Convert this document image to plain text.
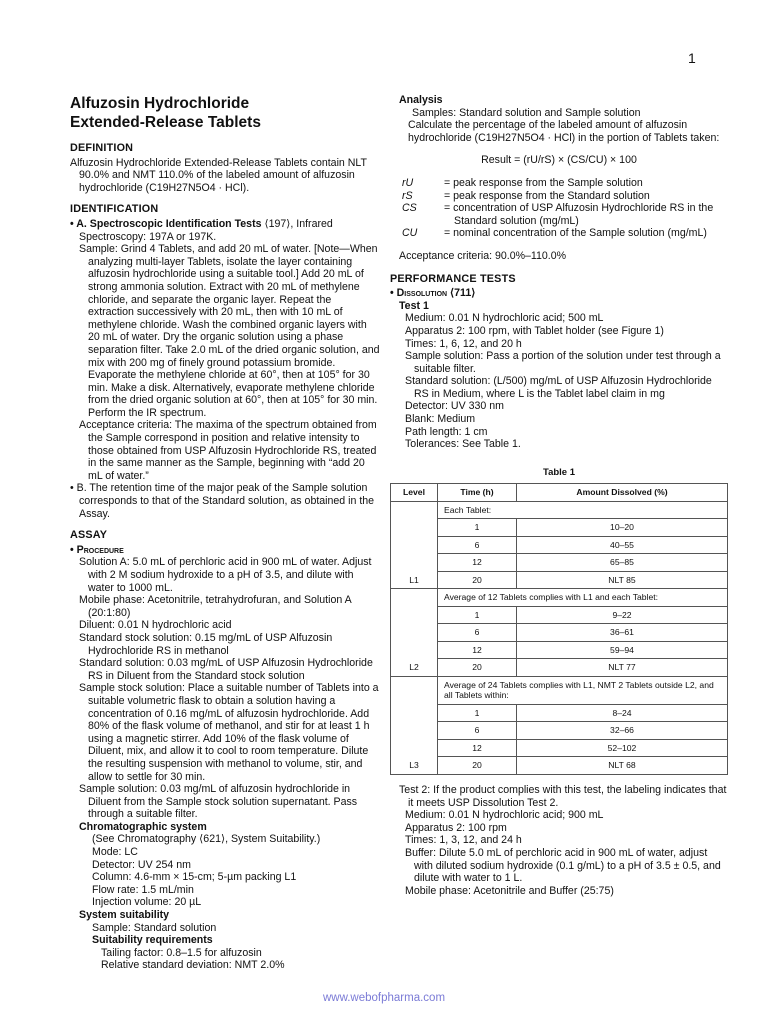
1
Alfuzosin Hydrochloride
Extended-Release Tablets
DEFINITION

Alfuzosin Hydrochloride Extended-Release Tablets contain NLT 90.0% and NMT 110.0% of the labeled amount of alfuzosin hydrochloride (C19H27N5O4 · HCl).

IDENTIFICATION

• A. Spectroscopic Identification Tests ⟨197⟩, Infrared Spectroscopy: 197A or 197K.

Sample: Grind 4 Tablets, and add 20 mL of water. [Note—When analyzing multi-layer Tablets, isolate the layer containing alfuzosin hydrochloride using a suitable tool.] Add 20 mL of strong ammonia solution. Extract with 20 mL of methylene chloride, and separate the organic layer. Repeat the extraction successively with 20 mL, then with 10 mL of methylene chloride. Wash the combined organic layers with 20 mL of water. Dry the organic solution using a phase separation filter. Take 2.0 mL of the dried organic solution, and mix with 200 mg of finely ground potassium bromide. Evaporate the methylene chloride at 60°, then at 105° for 30 min. Make a disk. Alternatively, evaporate methylene chloride from the dried organic solution at 60°, then at 105° for 30 min. Perform the IR spectrum.

Acceptance criteria: The maxima of the spectrum obtained from the Sample correspond in position and relative intensity to those obtained from USP Alfuzosin Hydrochloride RS, treated in the same manner as the Sample, beginning with “add 20 mL of water.”

• B. The retention time of the major peak of the Sample solution corresponds to that of the Standard solution, as obtained in the Assay.

ASSAY

• Procedure

Solution A: 5.0 mL of perchloric acid in 900 mL of water. Adjust with 2 M sodium hydroxide to a pH of 3.5, and dilute with water to 1000 mL.

Mobile phase: Acetonitrile, tetrahydrofuran, and Solution A (20:1:80)

Diluent: 0.01 N hydrochloric acid

Standard stock solution: 0.15 mg/mL of USP Alfuzosin Hydrochloride RS in methanol

Standard solution: 0.03 mg/mL of USP Alfuzosin Hydrochloride RS in Diluent from the Standard stock solution

Sample stock solution: Place a suitable number of Tablets into a suitable volumetric flask to obtain a solution having a concentration of 0.16 mg/mL of alfuzosin hydrochloride. Add 80% of the flask volume of methanol, and stir for at least 1 h using a magnetic stirrer. Add 10% of the flask volume of Diluent, mix, and allow it to cool to room temperature. Dilute the resulting suspension with methanol to volume, stir, and allow to settle for 30 min.

Sample solution: 0.03 mg/mL of alfuzosin hydrochloride in Diluent from the Sample stock solution supernatant. Pass through a suitable filter.

Chromatographic system

(See Chromatography ⟨621⟩, System Suitability.)

Mode: LC

Detector: UV 254 nm

Column: 4.6-mm × 15-cm; 5-µm packing L1

Flow rate: 1.5 mL/min

Injection volume: 20 µL

System suitability

Sample: Standard solution

Suitability requirements

Tailing factor: 0.8–1.5 for alfuzosin

Relative standard deviation: NMT 2.0%

Analysis

Samples: Standard solution and Sample solution

Calculate the percentage of the labeled amount of alfuzosin hydrochloride (C19H27N5O4 · HCl) in the portion of Tablets taken:

Result = (rU/rS) × (CS/CU) × 100

rU	= peak response from the Sample solution
rS	= peak response from the Standard solution
CS	= concentration of USP Alfuzosin Hydrochloride RS in the Standard solution (mg/mL)
CU	= nominal concentration of the Sample solution (mg/mL)

Acceptance criteria: 90.0%–110.0%

PERFORMANCE TESTS

• Dissolution ⟨711⟩

Test 1

Medium: 0.01 N hydrochloric acid; 500 mL

Apparatus 2: 100 rpm, with Tablet holder (see Figure 1)

Times: 1, 6, 12, and 20 h

Sample solution: Pass a portion of the solution under test through a suitable filter.

Standard solution: (L/500) mg/mL of USP Alfuzosin Hydrochloride RS in Medium, where L is the Tablet label claim in mg

Detector: UV 330 nm

Blank: Medium

Path length: 1 cm

Tolerances: See Table 1.

Table 1
Level	Time (h)	Amount Dissolved (%)
L1	Each Tablet:	
	1	10–20
	6	40–55
	12	65–85
	20	NLT 85
L2	Average of 12 Tablets complies with L1 and each Tablet:	
	1	9–22
	6	36–61
	12	59–94
	20	NLT 77
L3	Average of 24 Tablets complies with L1, NMT 2 Tablets outside L2, and all Tablets within:	
	1	8–24
	6	32–66
	12	52–102
	20	NLT 68

Test 2: If the product complies with this test, the labeling indicates that it meets USP Dissolution Test 2.

Medium: 0.01 N hydrochloric acid; 900 mL

Apparatus 2: 100 rpm

Times: 1, 3, 12, and 24 h

Buffer: Dilute 5.0 mL of perchloric acid in 900 mL of water, adjust with diluted sodium hydroxide (0.1 g/mL) to a pH of 3.5 ± 0.5, and dilute with water to 1 L.

Mobile phase: Acetonitrile and Buffer (25:75)

www.webofpharma.com
